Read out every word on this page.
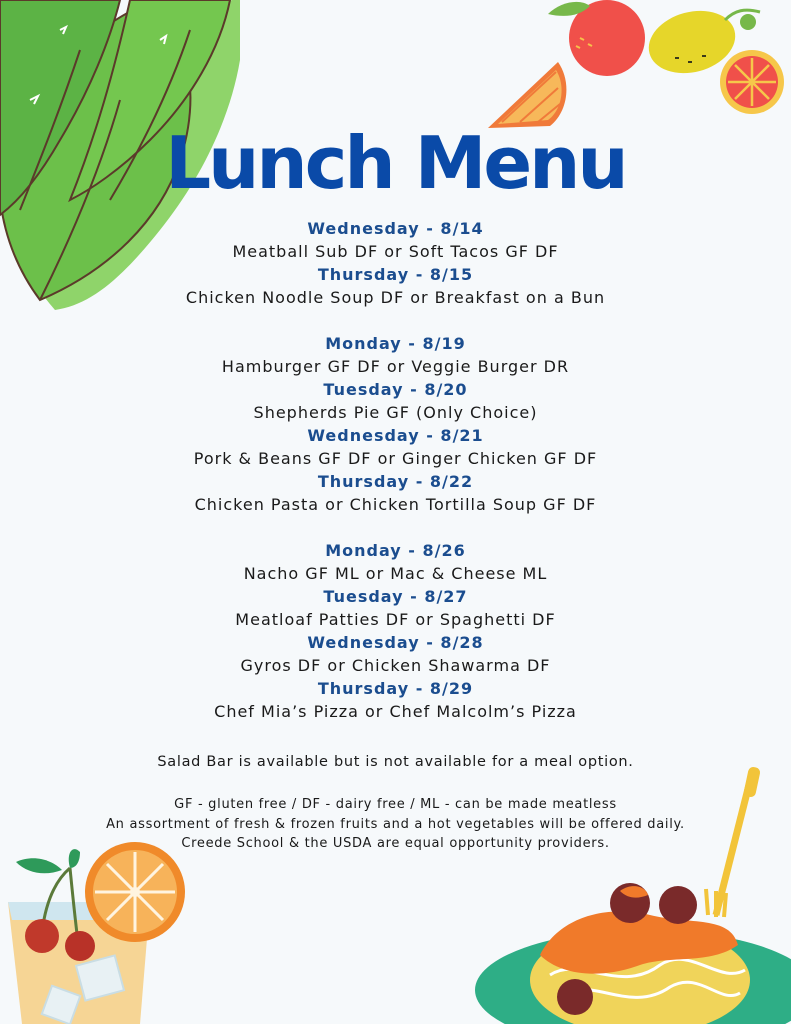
Lunch Menu
Wednesday - 8/14
Meatball Sub DF or Soft Tacos GF DF
Thursday - 8/15
Chicken Noodle Soup DF or Breakfast on a Bun
Monday - 8/19
Hamburger GF DF or Veggie Burger DR
Tuesday - 8/20
Shepherds Pie GF (Only Choice)
Wednesday - 8/21
Pork & Beans GF DF or Ginger Chicken GF DF
Thursday - 8/22
Chicken Pasta or Chicken Tortilla Soup GF DF
Monday - 8/26
Nacho GF ML or Mac & Cheese ML
Tuesday - 8/27
Meatloaf Patties DF or Spaghetti DF
Wednesday - 8/28
Gyros DF or Chicken Shawarma DF
Thursday - 8/29
Chef Mia’s Pizza or Chef Malcolm’s Pizza
Salad Bar is available but is not available for a meal option.
GF - gluten free / DF - dairy free / ML - can be made meatless
An assortment of fresh & frozen fruits and a hot vegetables will be offered daily.
Creede School & the USDA are equal opportunity providers.
